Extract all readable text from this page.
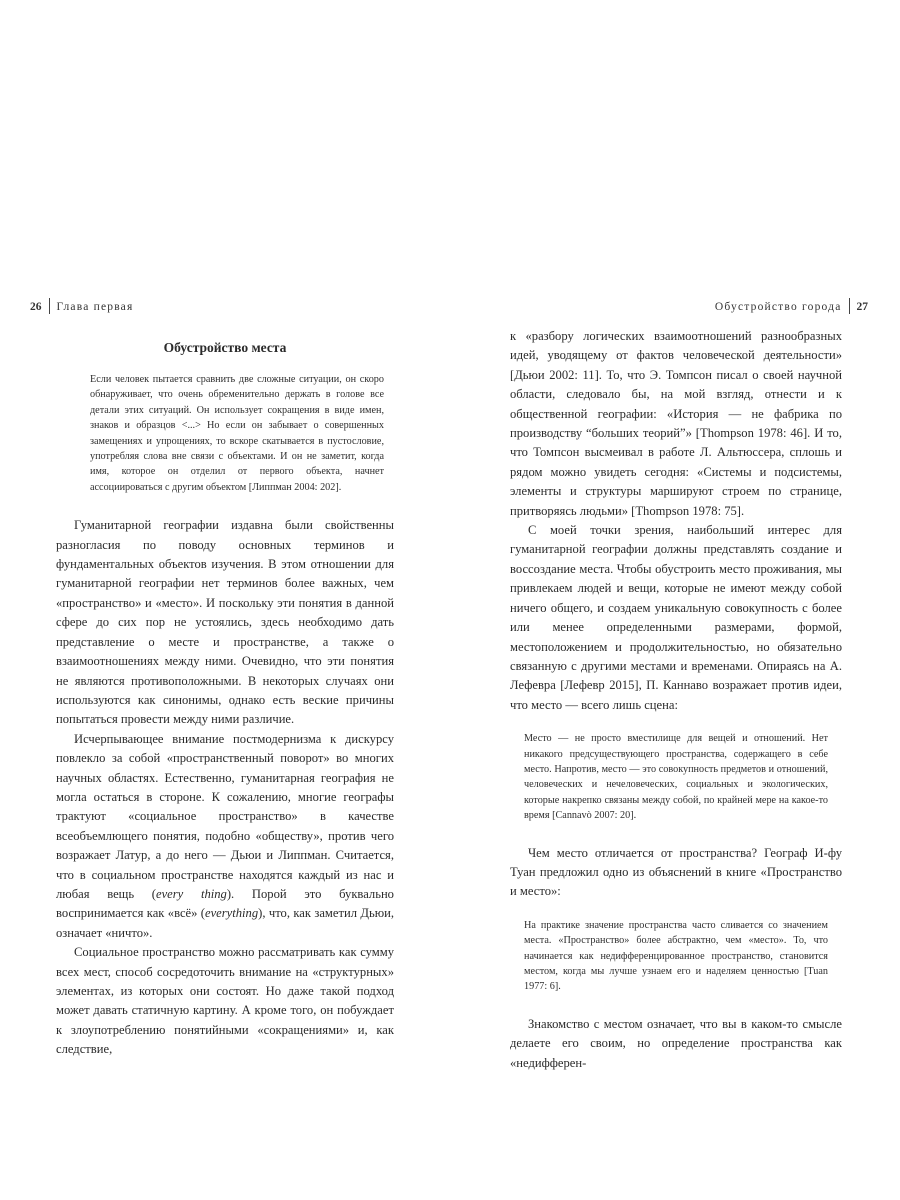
26 Глава первая
Обустройство места
Если человек пытается сравнить две сложные ситуации, он скоро обнаруживает, что очень обременительно держать в голове все детали этих ситуаций. Он использует сокращения в виде имен, знаков и образцов <...> Но если он забывает о совершенных замещениях и упрощениях, то вскоре скатывается в пустословие, употребляя слова вне связи с объектами. И он не заметит, когда имя, которое он отделил от первого объекта, начнет ассоциироваться с другим объектом [Липпман 2004: 202].

Гуманитарной географии издавна были свойственны разногласия по поводу основных терминов и фундаментальных объектов изучения. В этом отношении для гуманитарной географии нет терминов более важных, чем «пространство» и «место». И поскольку эти понятия в данной сфере до сих пор не устоялись, здесь необходимо дать представление о месте и пространстве, а также о взаимоотношениях между ними. Очевидно, что эти понятия не являются противоположными. В некоторых случаях они используются как синонимы, однако есть веские причины попытаться провести между ними различие.

Исчерпывающее внимание постмодернизма к дискурсу повлекло за собой «пространственный поворот» во многих научных областях. Естественно, гуманитарная география не могла остаться в стороне. К сожалению, многие географы трактуют «социальное пространство» в качестве всеобъемлющего понятия, подобно «обществу», против чего возражает Латур, а до него — Дьюи и Липпман. Считается, что в социальном пространстве находятся каждый из нас и любая вещь (every thing). Порой это буквально воспринимается как «всё» (everything), что, как заметил Дьюи, означает «ничто».

Социальное пространство можно рассматривать как сумму всех мест, способ сосредоточить внимание на «структурных» элементах, из которых они состоят. Но даже такой подход может давать статичную картину. А кроме того, он побуждает к злоупотреблению понятийными «сокращениями» и, как следствие,

Обустройство города 27

к «разбору логических взаимоотношений разнообразных идей, уводящему от фактов человеческой деятельности» [Дьюи 2002: 11]. То, что Э. Томпсон писал о своей научной области, следовало бы, на мой взгляд, отнести и к общественной географии: «История — не фабрика по производству “больших теорий”» [Thompson 1978: 46]. И то, что Томпсон высмеивал в работе Л. Альтюссера, сплошь и рядом можно увидеть сегодня: «Системы и подсистемы, элементы и структуры маршируют строем по странице, притворяясь людьми» [Thompson 1978: 75].

С моей точки зрения, наибольший интерес для гуманитарной географии должны представлять создание и воссоздание места. Чтобы обустроить место проживания, мы привлекаем людей и вещи, которые не имеют между собой ничего общего, и создаем уникальную совокупность с более или менее определенными размерами, формой, местоположением и продолжительностью, но обязательно связанную с другими местами и временами. Опираясь на А. Лефевра [Лефевр 2015], П. Каннаво возражает против идеи, что место — всего лишь сцена:

Место — не просто вместилище для вещей и отношений. Нет никакого предсуществующего пространства, содержащего в себе место. Напротив, место — это совокупность предметов и отношений, человеческих и нечеловеческих, социальных и экологических, которые накрепко связаны между собой, по крайней мере на какое-то время [Cannavò 2007: 20].

Чем место отличается от пространства? Географ И-фу Туан предложил одно из объяснений в книге «Пространство и место»:

На практике значение пространства часто сливается со значением места. «Пространство» более абстрактно, чем «место». То, что начинается как недифференцированное пространство, становится местом, когда мы лучше узнаем его и наделяем ценностью [Tuan 1977: 6].

Знакомство с местом означает, что вы в каком-то смысле делаете его своим, но определение пространства как «недифферен-
